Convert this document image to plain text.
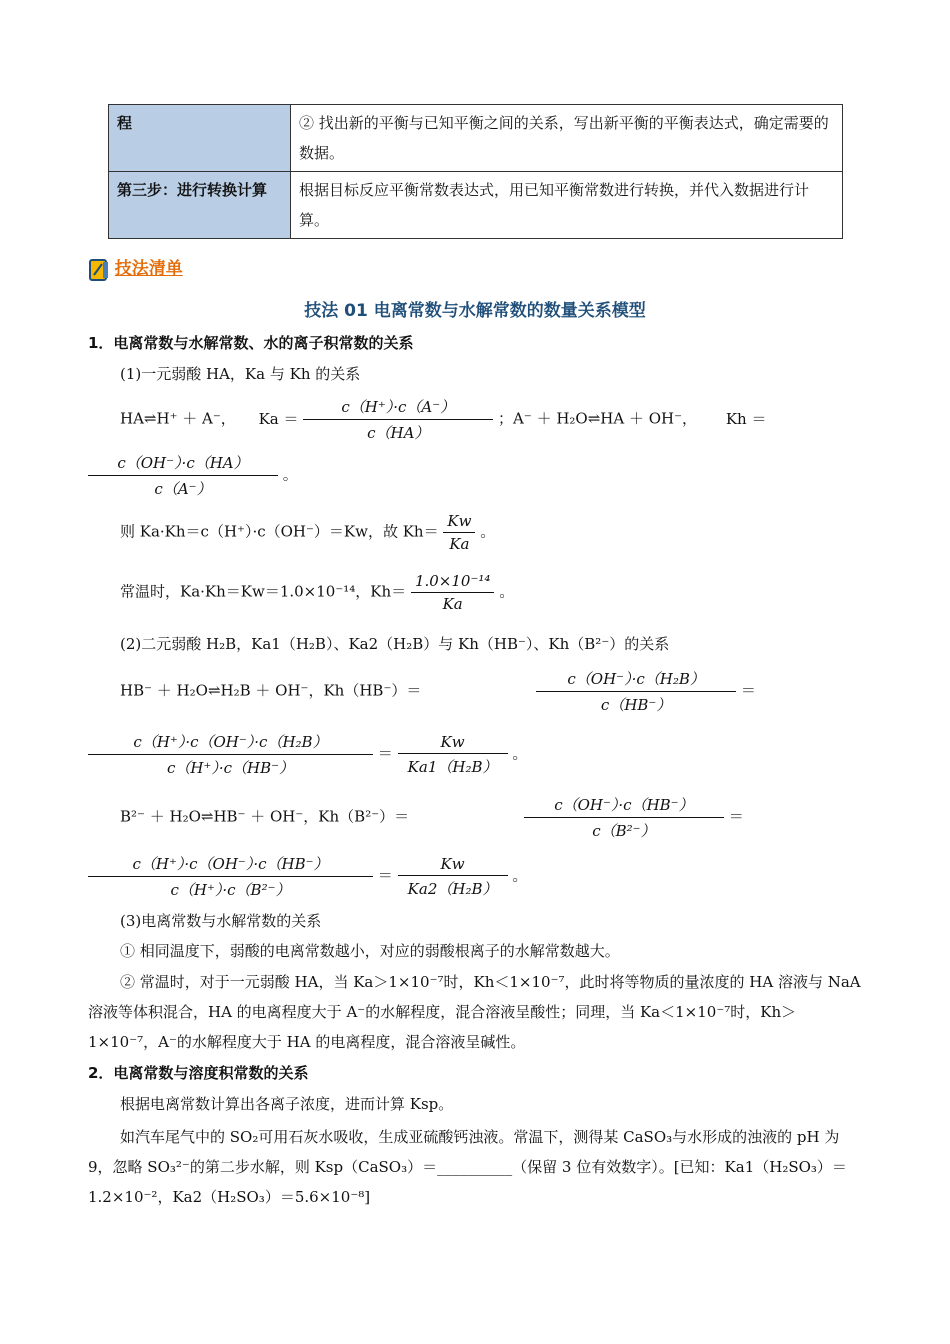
程	② 找出新的平衡与已知平衡之间的关系，写出新平衡的平衡表达式，确定需要的数据。
第三步：进行转换计算	根据目标反应平衡常数表达式，用已知平衡常数进行转换，并代入数据进行计算。
技法清单
技法 01 电离常数与水解常数的数量关系模型
1．电离常数与水解常数、水的离子积常数的关系
(1)一元弱酸 HA，Ka 与 Kh 的关系
HA⇌H⁺ ＋ A⁻， $Ka = \frac{c(H^+)\cdot c(A^-)}{c(HA)}$ ；A⁻ ＋ H₂O⇌HA ＋ OH⁻， Kh ＝
$\frac{c(OH^-)\cdot c(HA)}{c(A^-)}$ 。
则 Ka·Kh＝c（H⁺）·c（OH⁻）＝Kw，故 $Kh= \frac{Kw}{Ka}$ 。
常温时，Ka·Kh＝Kw＝1.0×10⁻¹⁴，$Kh= \frac{\text{1.0×10⁻¹⁴}}{Ka}$ 。
(2)二元弱酸 H₂B，Ka1（H₂B）、Ka2（H₂B）与 Kh（HB⁻）、Kh（B²⁻）的关系
HB⁻ ＋ H₂O⇌H₂B ＋ OH⁻，Kh（HB⁻）＝	$\frac{\text{c（OH⁻）·c（H₂B）}}{c(HB^-)}$ ＝
$\frac{\text{c（H⁺）·c（OH⁻）·c（H₂B）}}{c(H^+)\cdot c(HB^-)} = \frac{Kw}{\text{Ka1（H₂B）}}$ 。
B²⁻ ＋ H₂O⇌HB⁻ ＋ OH⁻，Kh（B²⁻）＝	$\frac{c(OH^-)\cdot c(HB^-)}{\text{c（B²⁻）}}$ ＝
$\frac{c(H^+)\cdot c(OH^-)\cdot c(HB^-)}{\text{c（H⁺）·c（B²⁻）}} = \frac{Kw}{\text{Ka2（H₂B）}}$ 。
(3)电离常数与水解常数的关系
① 相同温度下，弱酸的电离常数越小，对应的弱酸根离子的水解常数越大。
② 常温时，对于一元弱酸 HA，当 Ka＞1×10⁻⁷时，Kh＜1×10⁻⁷，此时将等物质的量浓度的 HA 溶液与 NaA 溶液等体积混合，HA 的电离程度大于 A⁻的水解程度，混合溶液呈酸性；同理，当 Ka＜1×10⁻⁷时，Kh＞1×10⁻⁷，A⁻的水解程度大于 HA 的电离程度，混合溶液呈碱性。
2．电离常数与溶度积常数的关系
根据电离常数计算出各离子浓度，进而计算 Ksp。
如汽车尾气中的 SO₂可用石灰水吸收，生成亚硫酸钙浊液。常温下，测得某 CaSO₃与水形成的浊液的 pH 为 9，忽略 SO₃²⁻的第二步水解，则 Ksp（CaSO₃）＝__________（保留 3 位有效数字）。[已知：Ka1（H₂SO₃）＝1.2×10⁻²，Ka2（H₂SO₃）＝5.6×10⁻⁸]
